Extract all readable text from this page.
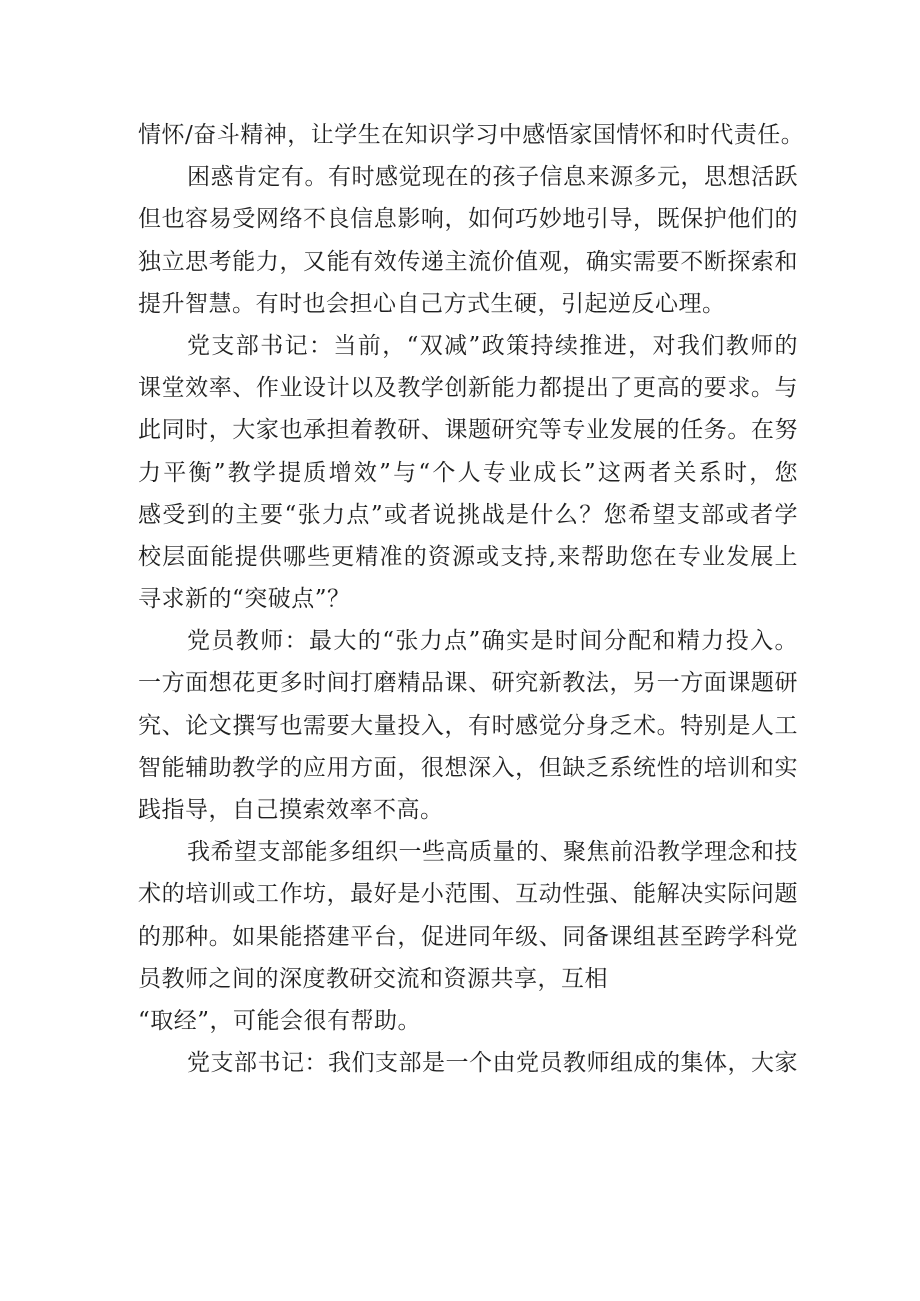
情怀/奋斗精神，让学生在知识学习中感悟家国情怀和时代责任。
困惑肯定有。有时感觉现在的孩子信息来源多元，思想活跃
但也容易受网络不良信息影响，如何巧妙地引导，既保护他们的
独立思考能力，又能有效传递主流价值观，确实需要不断探索和
提升智慧。有时也会担心自己方式生硬，引起逆反心理。
党支部书记：当前，“双减”政策持续推进，对我们教师的
课堂效率、作业设计以及教学创新能力都提出了更高的要求。与
此同时，大家也承担着教研、课题研究等专业发展的任务。在努
力平衡”教学提质增效”与“个人专业成长”这两者关系时，您
感受到的主要“张力点”或者说挑战是什么？您希望支部或者学
校层面能提供哪些更精准的资源或支持,来帮助您在专业发展上
寻求新的“突破点”？
党员教师：最大的“张力点”确实是时间分配和精力投入。
一方面想花更多时间打磨精品课、研究新教法，另一方面课题研
究、论文撰写也需要大量投入，有时感觉分身乏术。特别是人工
智能辅助教学的应用方面，很想深入，但缺乏系统性的培训和实
践指导，自己摸索效率不高。
我希望支部能多组织一些高质量的、聚焦前沿教学理念和技
术的培训或工作坊，最好是小范围、互动性强、能解决实际问题
的那种。如果能搭建平台，促进同年级、同备课组甚至跨学科党
员教师之间的深度教研交流和资源共享，互相
“取经”，可能会很有帮助。
党支部书记：我们支部是一个由党员教师组成的集体，大家
